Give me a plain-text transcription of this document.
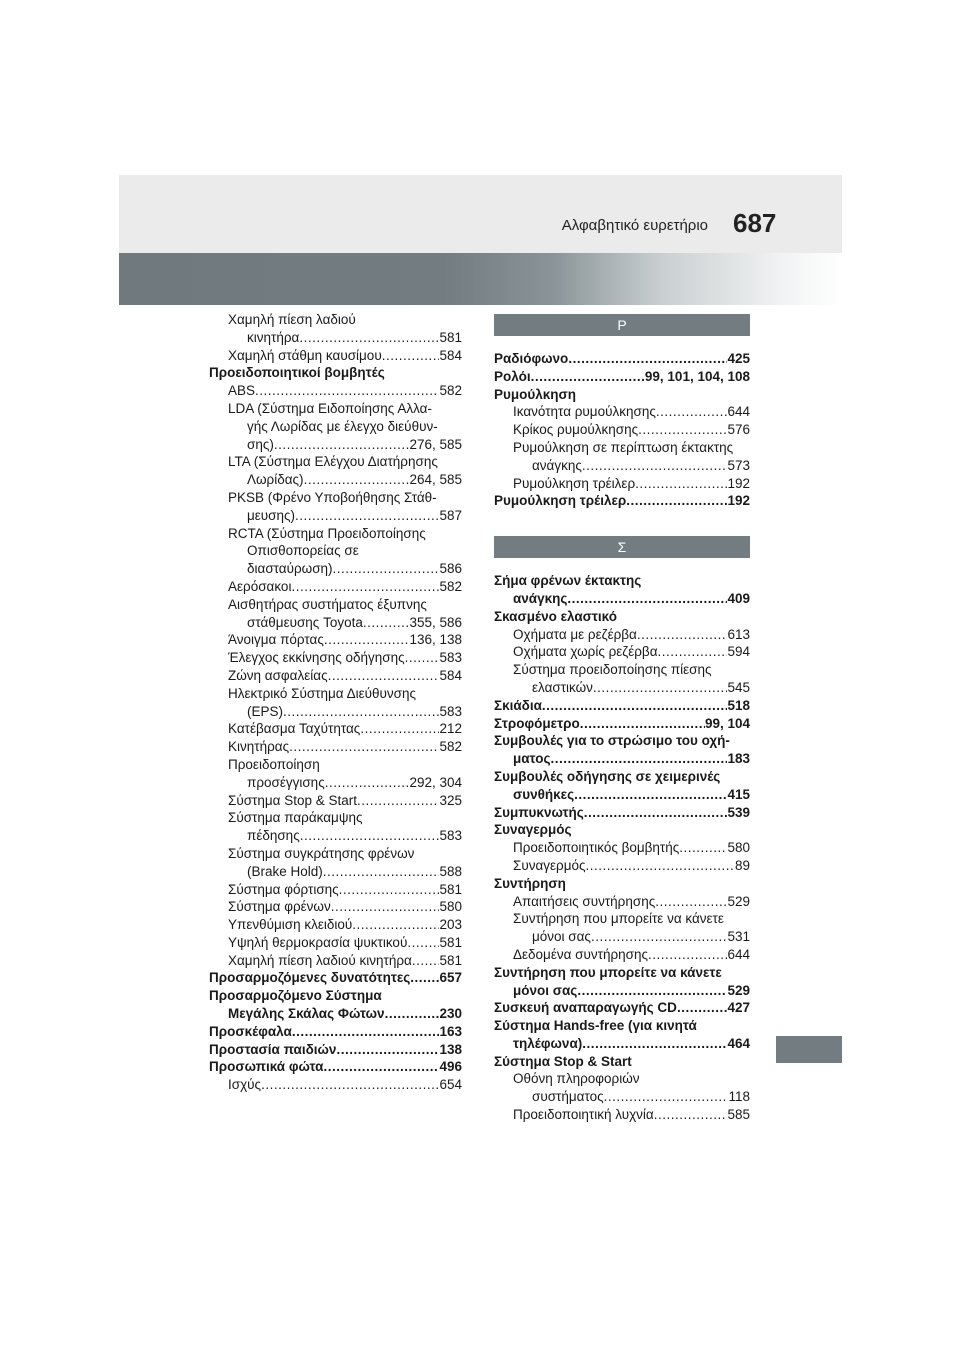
Αλφαβητικό ευρετήριο 687
Χαμηλή πίεση λαδιού
κινητήρα .....	581
Χαμηλή στάθμη καυσίμου .....	584
Προειδοποιητικοί βομβητές
ABS .....	582
LDA (Σύστημα Ειδοποίησης Αλλα-
γής Λωρίδας με έλεγχο διεύθυν-
σης) .....	276, 585
LTA (Σύστημα Ελέγχου Διατήρησης
Λωρίδας) .....	264, 585
PKSB (Φρένο Υποβοήθησης Στάθ-
μευσης) .....	587
RCTA (Σύστημα Προειδοποίησης
Οπισθοπορείας σε
διασταύρωση) .....	586
Αερόσακοι .....	582
Αισθητήρας συστήματος έξυπνης
στάθμευσης Toyota .....	355, 586
Άνοιγμα πόρτας .....	136, 138
Έλεγχος εκκίνησης οδήγησης .....	583
Ζώνη ασφαλείας .....	584
Ηλεκτρικό Σύστημα Διεύθυνσης
(EPS) .....	583
Κατέβασμα Ταχύτητας .....	212
Κινητήρας .....	582
Προειδοποίηση
προσέγγισης .....	292, 304
Σύστημα Stop & Start .....	325
Σύστημα παράκαμψης
πέδησης .....	583
Σύστημα συγκράτησης φρένων
(Brake Hold) .....	588
Σύστημα φόρτισης .....	581
Σύστημα φρένων .....	580
Υπενθύμιση κλειδιού .....	203
Υψηλή θερμοκρασία ψυκτικού ..... 581
Χαμηλή πίεση λαδιού κινητήρα ..... 581
Προσαρμοζόμενες δυνατότητες ..... 657
Προσαρμοζόμενο Σύστημα
Μεγάλης Σκάλας Φώτων .....	230
Προσκέφαλα .....	163
Προστασία παιδιών .....	138
Προσωπικά φώτα .....	496
Ισχύς .....	654
Ρ
Ραδιόφωνο .....	425
Ρολόι .....	99, 101, 104, 108
Ρυμούλκηση
Ικανότητα ρυμούλκησης .....	644
Κρίκος ρυμούλκησης .....	576
Ρυμούλκηση σε περίπτωση έκτακτης
ανάγκης .....	573
Ρυμούλκηση τρέιλερ .....	192
Ρυμούλκηση τρέιλερ .....	192
Σ
Σήμα φρένων έκτακτης
ανάγκης .....	409
Σκασμένο ελαστικό
Οχήματα με ρεζέρβα .....	613
Οχήματα χωρίς ρεζέρβα .....	594
Σύστημα προειδοποίησης πίεσης
ελαστικών .....	545
Σκιάδια .....	518
Στροφόμετρο .....	99, 104
Συμβουλές για το στρώσιμο του οχή-
ματος .....	183
Συμβουλές οδήγησης σε χειμερινές
συνθήκες .....	415
Συμπυκνωτής .....	539
Συναγερμός
Προειδοποιητικός βομβητής .....	580
Συναγερμός .....	89
Συντήρηση
Απαιτήσεις συντήρησης .....	529
Συντήρηση που μπορείτε να κάνετε
μόνοι σας .....	531
Δεδομένα συντήρησης .....	644
Συντήρηση που μπορείτε να κάνετε
μόνοι σας .....	529
Συσκευή αναπαραγωγής CD .....	427
Σύστημα Hands-free (για κινητά
τηλέφωνα) .....	464
Σύστημα Stop & Start
Οθόνη πληροφοριών
συστήματος .....	118
Προειδοποιητική λυχνία .....	585
